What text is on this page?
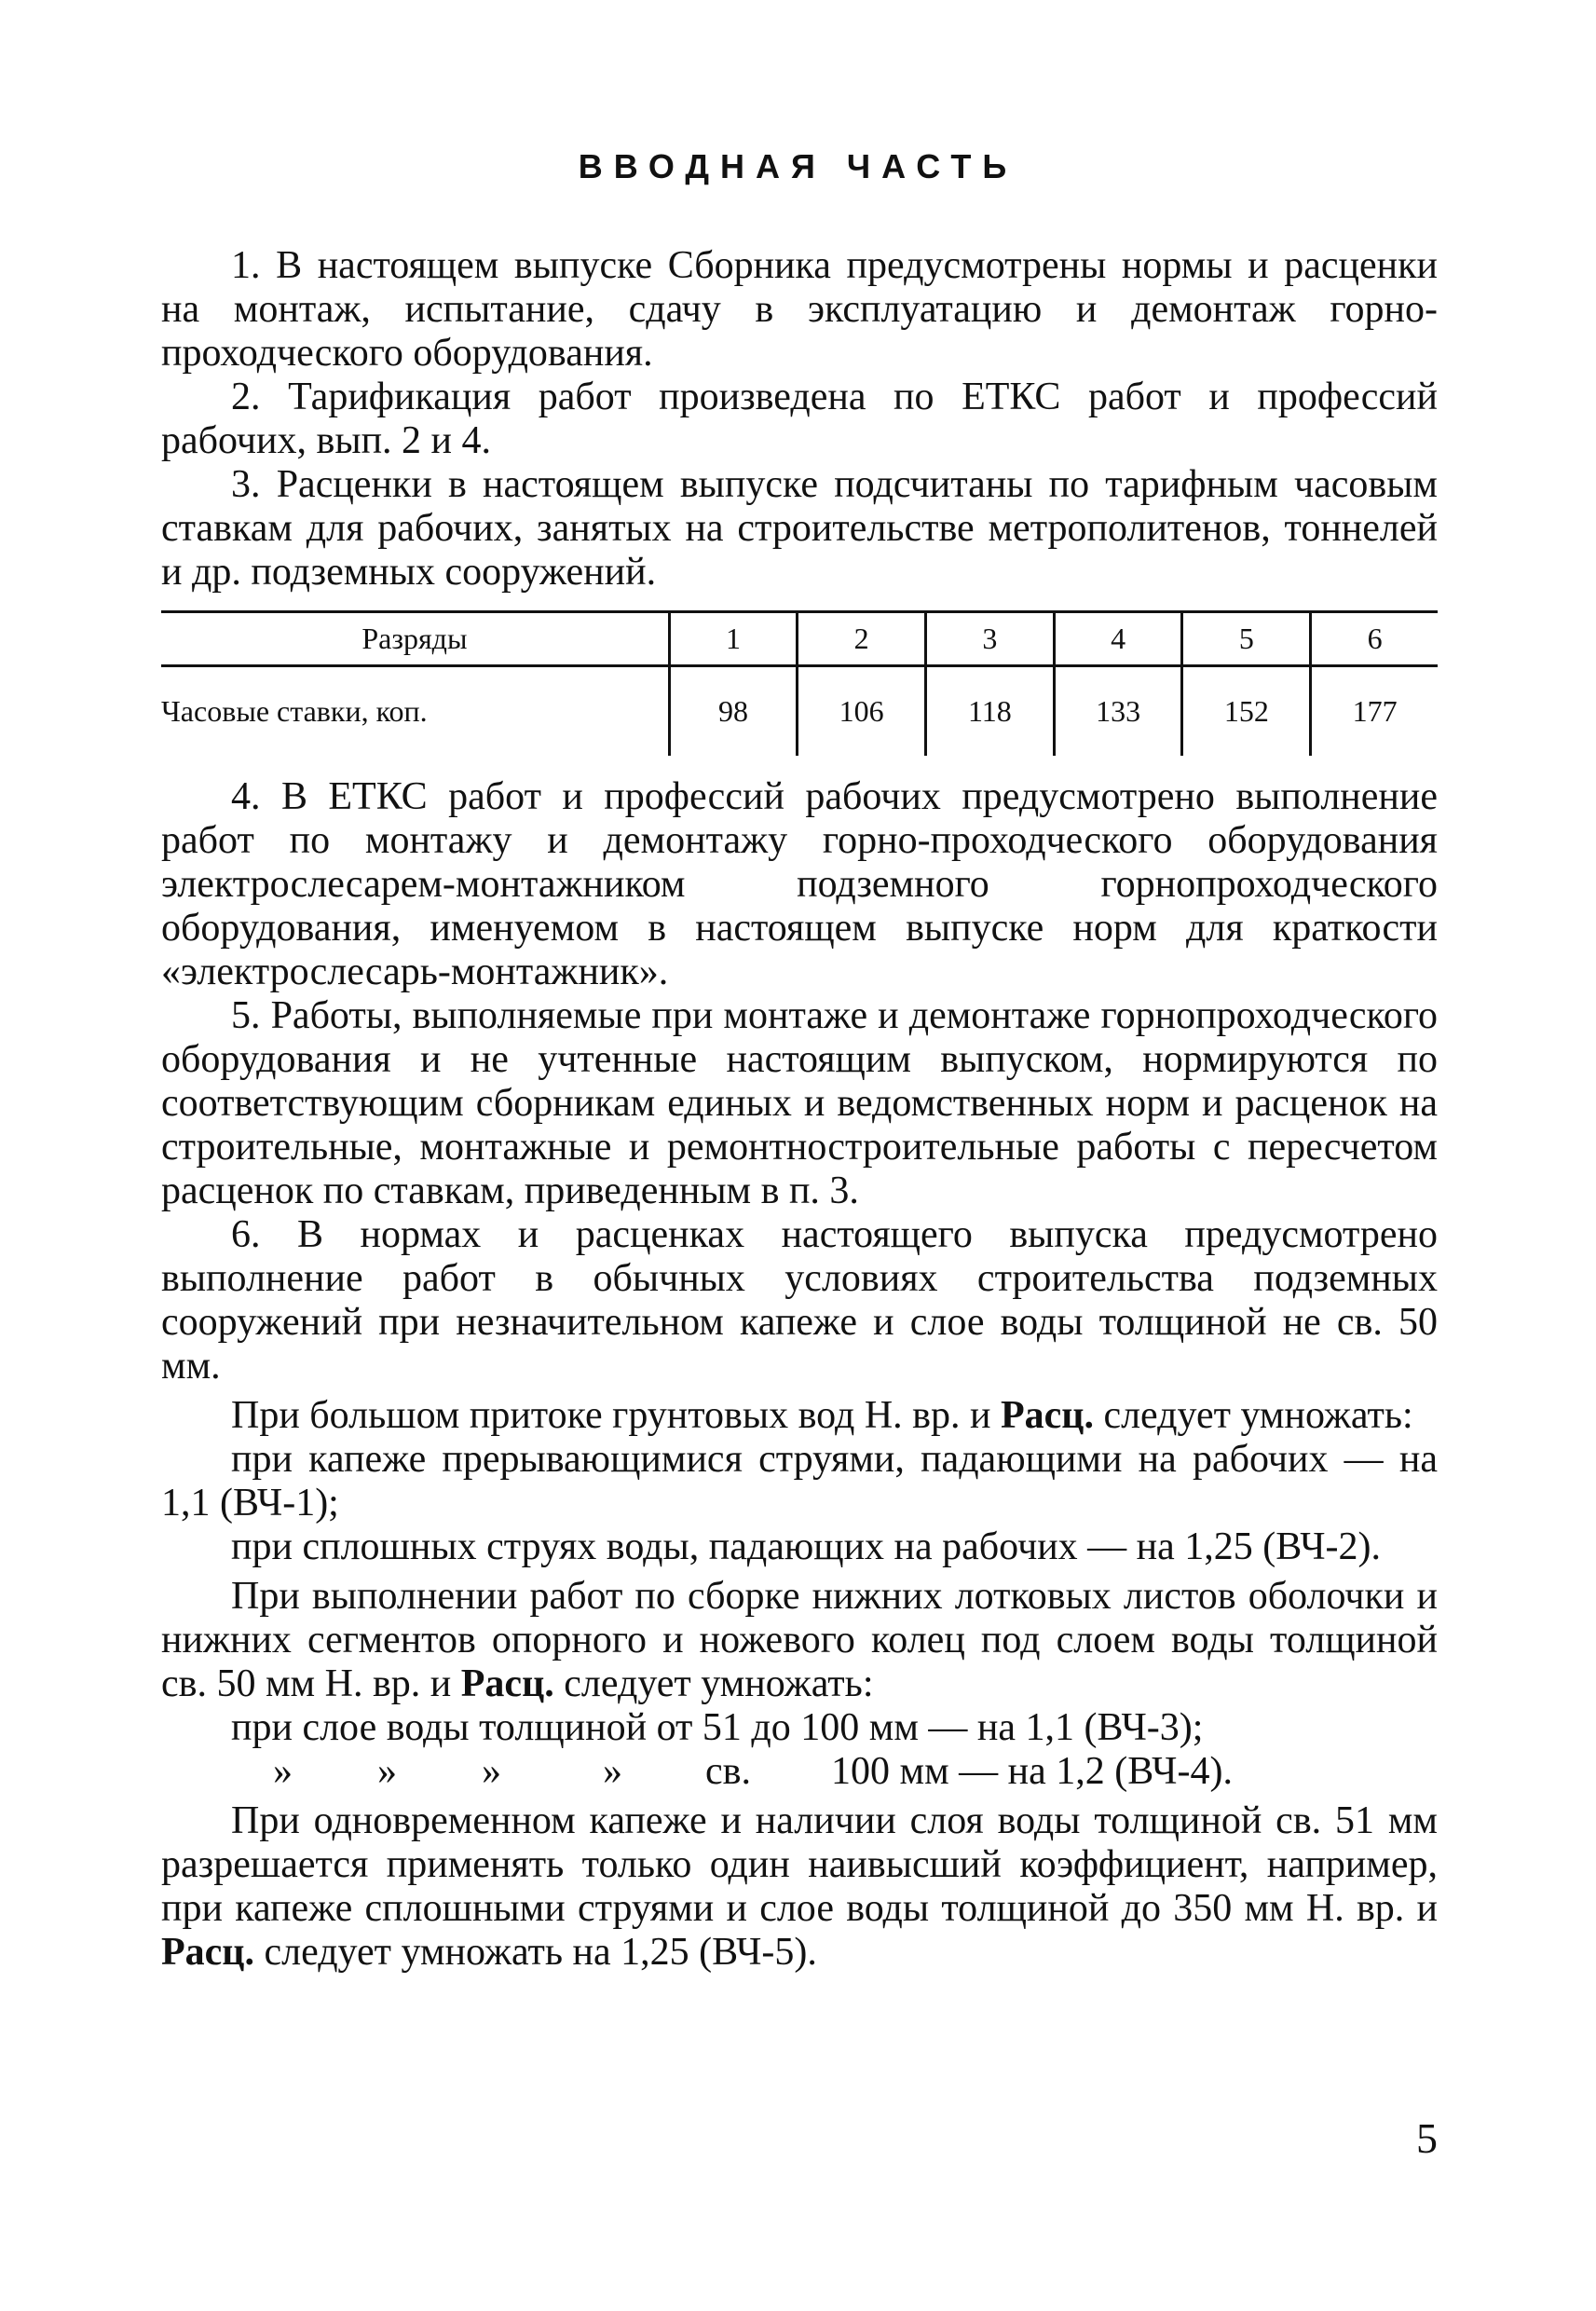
ВВОДНАЯ ЧАСТЬ

1. В настоящем выпуске Сборника предусмотрены нормы и расценки на монтаж, испытание, сдачу в эксплуатацию и демонтаж горно-проходческого оборудования.

2. Тарификация работ произведена по ЕТКС работ и профессий рабочих, вып. 2 и 4.

3. Расценки в настоящем выпуске подсчитаны по тарифным часовым ставкам для рабочих, занятых на строительстве метрополитенов, тоннелей и др. подземных сооружений.

Разряды	1	2	3	4	5	6
Часовые ставки, коп.	98	106	118	133	152	177

4. В ЕТКС работ и профессий рабочих предусмотрено выполнение работ по монтажу и демонтажу горно-проходческого оборудования электрослесарем-монтажником подземного горнопроходческого оборудования, именуемом в настоящем выпуске норм для краткости «электрослесарь-монтажник».

5. Работы, выполняемые при монтаже и демонтаже горнопроходческого оборудования и не учтенные настоящим выпуском, нормируются по соответствующим сборникам единых и ведомственных норм и расценок на строительные, монтажные и ремонтностроительные работы с пересчетом расценок по ставкам, приведенным в п. 3.

6. В нормах и расценках настоящего выпуска предусмотрено выполнение работ в обычных условиях строительства подземных сооружений при незначительном капеже и слое воды толщиной не св. 50 мм.

При большом притоке грунтовых вод Н. вр. и Расц. следует умножать:

при капеже прерывающимися струями, падающими на рабочих — на 1,1 (ВЧ-1);

при сплошных струях воды, падающих на рабочих — на 1,25 (ВЧ-2).

При выполнении работ по сборке нижних лотковых листов оболочки и нижних сегментов опорного и ножевого колец под слоем воды толщиной св. 50 мм Н. вр. и Расц. следует умножать:

при слое воды толщиной от 51 до 100 мм — на 1,1 (ВЧ-3);

» » »	» св. 100 мм — на 1,2 (ВЧ-4).

При одновременном капеже и наличии слоя воды толщиной св. 51 мм разрешается применять только один наивысший коэффициент, например, при капеже сплошными струями и слое воды толщиной до 350 мм Н. вр. и Расц. следует умножать на 1,25 (ВЧ-5).

5
